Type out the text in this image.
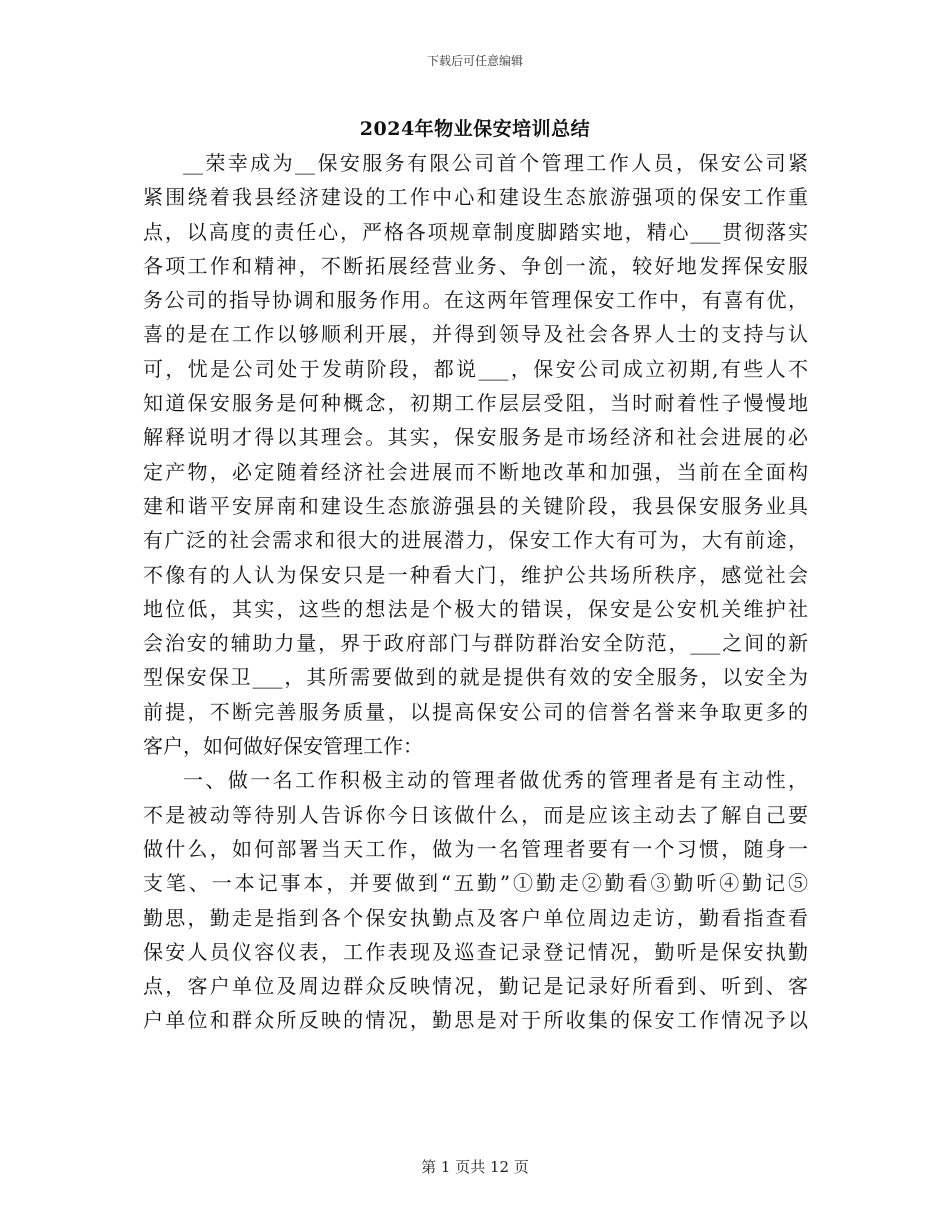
下载后可任意编辑
2024年物业保安培训总结
__荣幸成为__保安服务有限公司首个管理工作人员，保安公司紧
紧围绕着我县经济建设的工作中心和建设生态旅游强项的保安工作重
点，以高度的责任心，严格各项规章制度脚踏实地，精心___贯彻落实
各项工作和精神，不断拓展经营业务、争创一流，较好地发挥保安服
务公司的指导协调和服务作用。在这两年管理保安工作中，有喜有优，
喜的是在工作以够顺利开展，并得到领导及社会各界人士的支持与认
可，忧是公司处于发萌阶段，都说___，保安公司成立初期,有些人不
知道保安服务是何种概念，初期工作层层受阻，当时耐着性子慢慢地
解释说明才得以其理会。其实，保安服务是市场经济和社会进展的必
定产物，必定随着经济社会进展而不断地改革和加强，当前在全面构
建和谐平安屏南和建设生态旅游强县的关键阶段，我县保安服务业具
有广泛的社会需求和很大的进展潜力，保安工作大有可为，大有前途，
不像有的人认为保安只是一种看大门，维护公共场所秩序，感觉社会
地位低，其实，这些的想法是个极大的错误，保安是公安机关维护社
会治安的辅助力量，界于政府部门与群防群治安全防范，___之间的新
型保安保卫___，其所需要做到的就是提供有效的安全服务，以安全为
前提，不断完善服务质量，以提高保安公司的信誉名誉来争取更多的
客户，如何做好保安管理工作：
一、做一名工作积极主动的管理者做优秀的管理者是有主动性，
不是被动等待别人告诉你今日该做什么，而是应该主动去了解自己要
做什么，如何部署当天工作，做为一名管理者要有一个习惯，随身一
支笔、一本记事本，并要做到“五勤”①勤走②勤看③勤听④勤记⑤
勤思，勤走是指到各个保安执勤点及客户单位周边走访，勤看指查看
保安人员仪容仪表，工作表现及巡查记录登记情况，勤听是保安执勤
点，客户单位及周边群众反映情况，勤记是记录好所看到、听到、客
户单位和群众所反映的情况，勤思是对于所收集的保安工作情况予以
第 1 页共 12 页
